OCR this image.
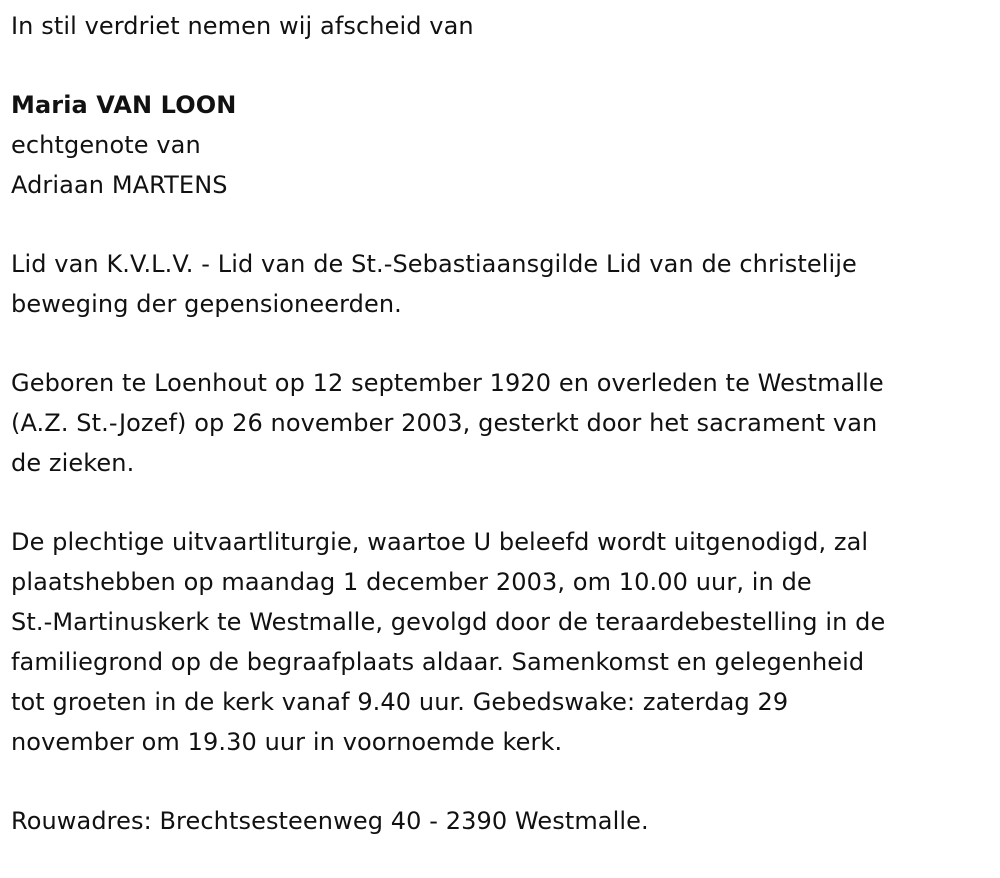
In stil verdriet nemen wij afscheid van
Maria VAN LOON
echtgenote van
Adriaan MARTENS
Lid van K.V.L.V. - Lid van de St.-Sebastiaansgilde Lid van de christelije
beweging der gepensioneerden.
Geboren te Loenhout op 12 september 1920 en overleden te Westmalle
(A.Z. St.-Jozef) op 26 november 2003, gesterkt door het sacrament van
de zieken.
De plechtige uitvaartliturgie, waartoe U beleefd wordt uitgenodigd, zal
plaatshebben op maandag 1 december 2003, om 10.00 uur, in de
St.-Martinuskerk te Westmalle, gevolgd door de teraardebestelling in de
familiegrond op de begraafplaats aldaar. Samenkomst en gelegenheid
tot groeten in de kerk vanaf 9.40 uur. Gebedswake: zaterdag 29
november om 19.30 uur in voornoemde kerk.
Rouwadres: Brechtsesteenweg 40 - 2390 Westmalle.
